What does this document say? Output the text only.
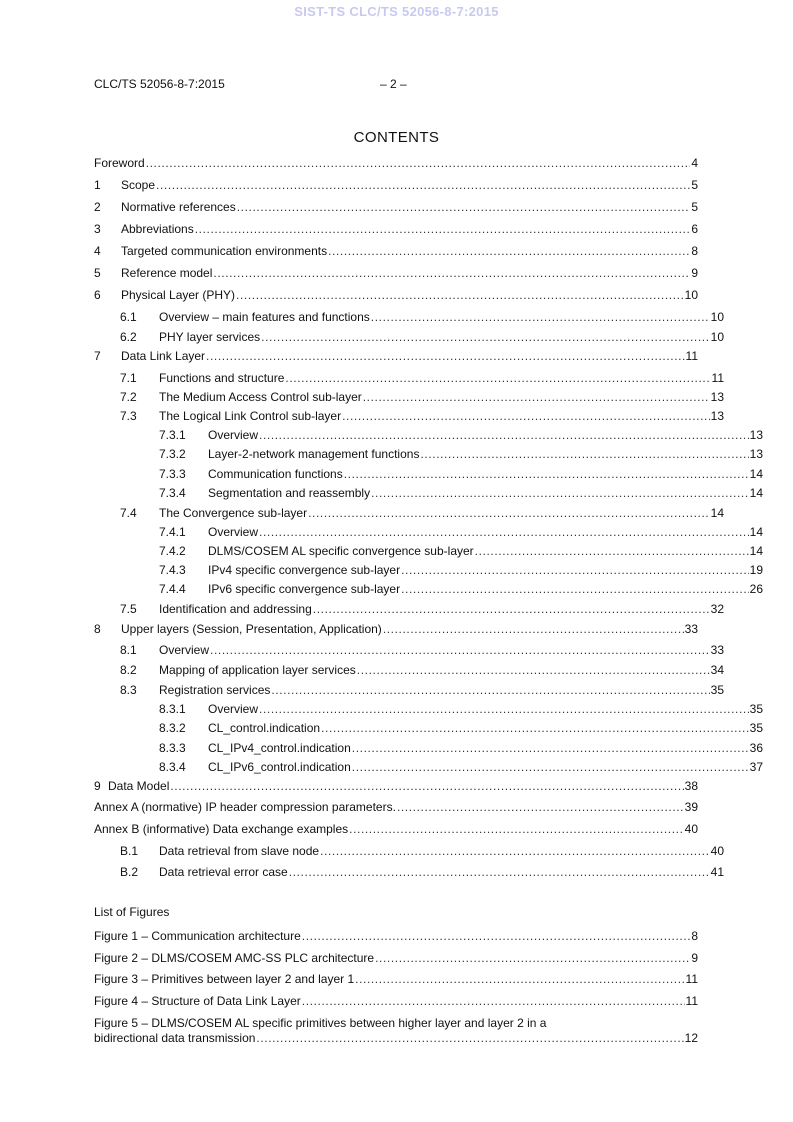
SIST-TS CLC/TS 52056-8-7:2015
CLC/TS 52056-8-7:2015	– 2 –
CONTENTS
Foreword .....	4
1	Scope .....	5
2	Normative references .....	5
3	Abbreviations .....	6
4	Targeted communication environments .....	8
5	Reference model .....	9
6	Physical Layer (PHY) .....	10
6.1	Overview – main features and functions .....	10
6.2	PHY layer services .....	10
7	Data Link Layer .....	11
7.1	Functions and structure .....	11
7.2	The Medium Access Control sub-layer .....	13
7.3	The Logical Link Control sub-layer .....	13
7.3.1	Overview .....	13
7.3.2	Layer-2-network management functions .....	13
7.3.3	Communication functions .....	14
7.3.4	Segmentation and reassembly .....	14
7.4	The Convergence sub-layer .....	14
7.4.1	Overview .....	14
7.4.2	DLMS/COSEM AL specific convergence sub-layer .....	14
7.4.3	IPv4 specific convergence sub-layer .....	19
7.4.4	IPv6 specific convergence sub-layer .....	26
7.5	Identification and addressing .....	32
8	Upper layers (Session, Presentation, Application) .....	33
8.1	Overview .....	33
8.2	Mapping of application layer services .....	34
8.3	Registration services .....	35
8.3.1	Overview .....	35
8.3.2	CL_control.indication .....	35
8.3.3	CL_IPv4_control.indication .....	36
8.3.4	CL_IPv6_control.indication .....	37
9 Data Model .....	38
Annex A (normative) IP header compression parameters. .....	39
Annex B (informative) Data exchange examples .....	40
B.1	Data retrieval from slave node .....	40
B.2	Data retrieval error case .....	41
Figure 1 – Communication architecture .....	8
Figure 2 – DLMS/COSEM AMC-SS PLC architecture .....	9
Figure 3 – Primitives between layer 2 and layer 1 .....	11
Figure 4 – Structure of Data Link Layer .....	11
List of Figures
Figure 5 – DLMS/COSEM AL specific primitives between higher layer and layer 2 in a
bidirectional data transmission .....	12
